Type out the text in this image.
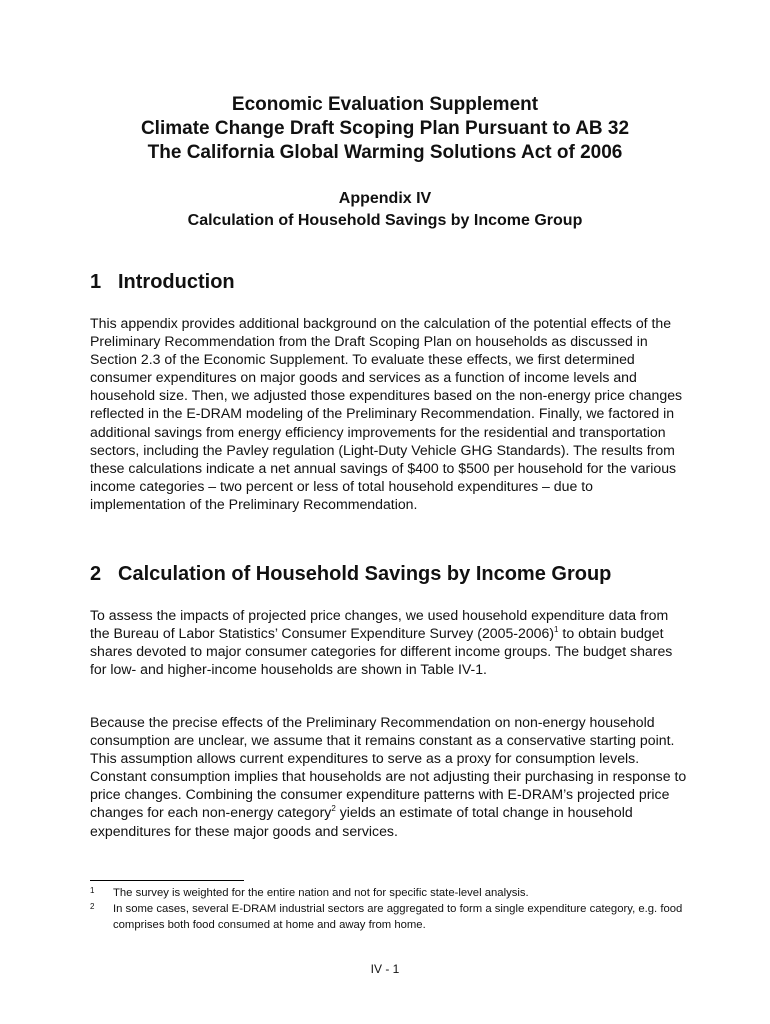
Economic Evaluation Supplement
Climate Change Draft Scoping Plan Pursuant to AB 32
The California Global Warming Solutions Act of 2006
Appendix IV
Calculation of Household Savings by Income Group
1 Introduction
This appendix provides additional background on the calculation of the potential effects of the Preliminary Recommendation from the Draft Scoping Plan on households as discussed in Section 2.3 of the Economic Supplement. To evaluate these effects, we first determined consumer expenditures on major goods and services as a function of income levels and household size. Then, we adjusted those expenditures based on the non-energy price changes reflected in the E-DRAM modeling of the Preliminary Recommendation. Finally, we factored in additional savings from energy efficiency improvements for the residential and transportation sectors, including the Pavley regulation (Light-Duty Vehicle GHG Standards). The results from these calculations indicate a net annual savings of $400 to $500 per household for the various income categories – two percent or less of total household expenditures – due to implementation of the Preliminary Recommendation.
2 Calculation of Household Savings by Income Group
To assess the impacts of projected price changes, we used household expenditure data from the Bureau of Labor Statistics’ Consumer Expenditure Survey (2005-2006)$^1$ to obtain budget shares devoted to major consumer categories for different income groups. The budget shares for low- and higher-income households are shown in Table IV-1.
Because the precise effects of the Preliminary Recommendation on non-energy household consumption are unclear, we assume that it remains constant as a conservative starting point. This assumption allows current expenditures to serve as a proxy for consumption levels. Constant consumption implies that households are not adjusting their purchasing in response to price changes. Combining the consumer expenditure patterns with E-DRAM’s projected price changes for each non-energy category$^2$ yields an estimate of total change in household expenditures for these major goods and services.
1 The survey is weighted for the entire nation and not for specific state-level analysis.
2 In some cases, several E-DRAM industrial sectors are aggregated to form a single expenditure category, e.g. food comprises both food consumed at home and away from home.
IV - 1
